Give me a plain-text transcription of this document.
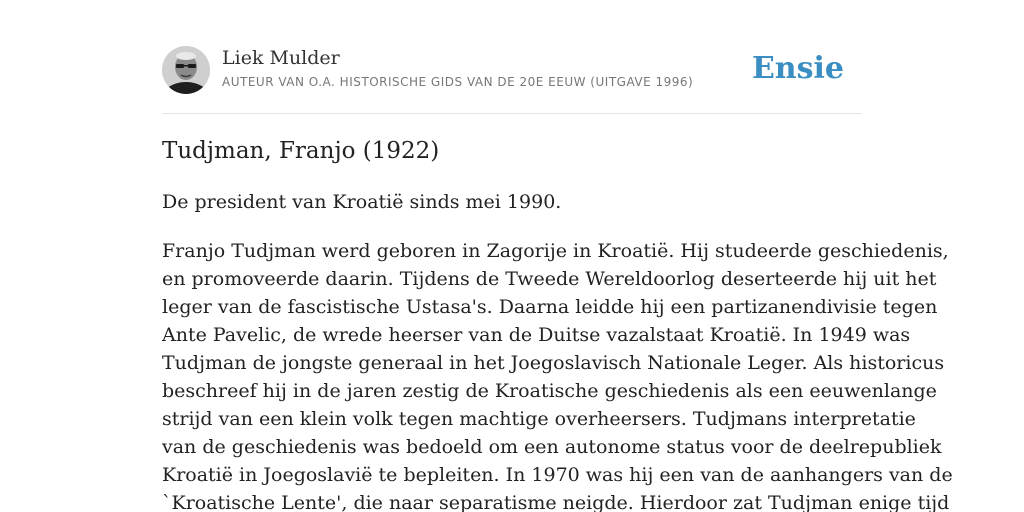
Liek Mulder
AUTEUR VAN O.A. HISTORISCHE GIDS VAN DE 20E EEUW (UITGAVE 1996) Ensie
Tudjman, Franjo (1922)

De president van Kroatië sinds mei 1990.

Franjo Tudjman werd geboren in Zagorije in Kroatië. Hij studeerde geschiedenis,
en promoveerde daarin. Tijdens de Tweede Wereldoorlog deserteerde hij uit het
leger van de fascistische Ustasa's. Daarna leidde hij een partizanendivisie tegen
Ante Pavelic, de wrede heerser van de Duitse vazalstaat Kroatië. In 1949 was
Tudjman de jongste generaal in het Joegoslavisch Nationale Leger. Als historicus
beschreef hij in de jaren zestig de Kroatische geschiedenis als een eeuwenlange
strijd van een klein volk tegen machtige overheersers. Tudjmans interpretatie
van de geschiedenis was bedoeld om een autonome status voor de deelrepubliek
Kroatië in Joegoslavië te bepleiten. In 1970 was hij een van de aanhangers van de
`Kroatische Lente', die naar separatisme neigde. Hierdoor zat Tudjman enige tijd
